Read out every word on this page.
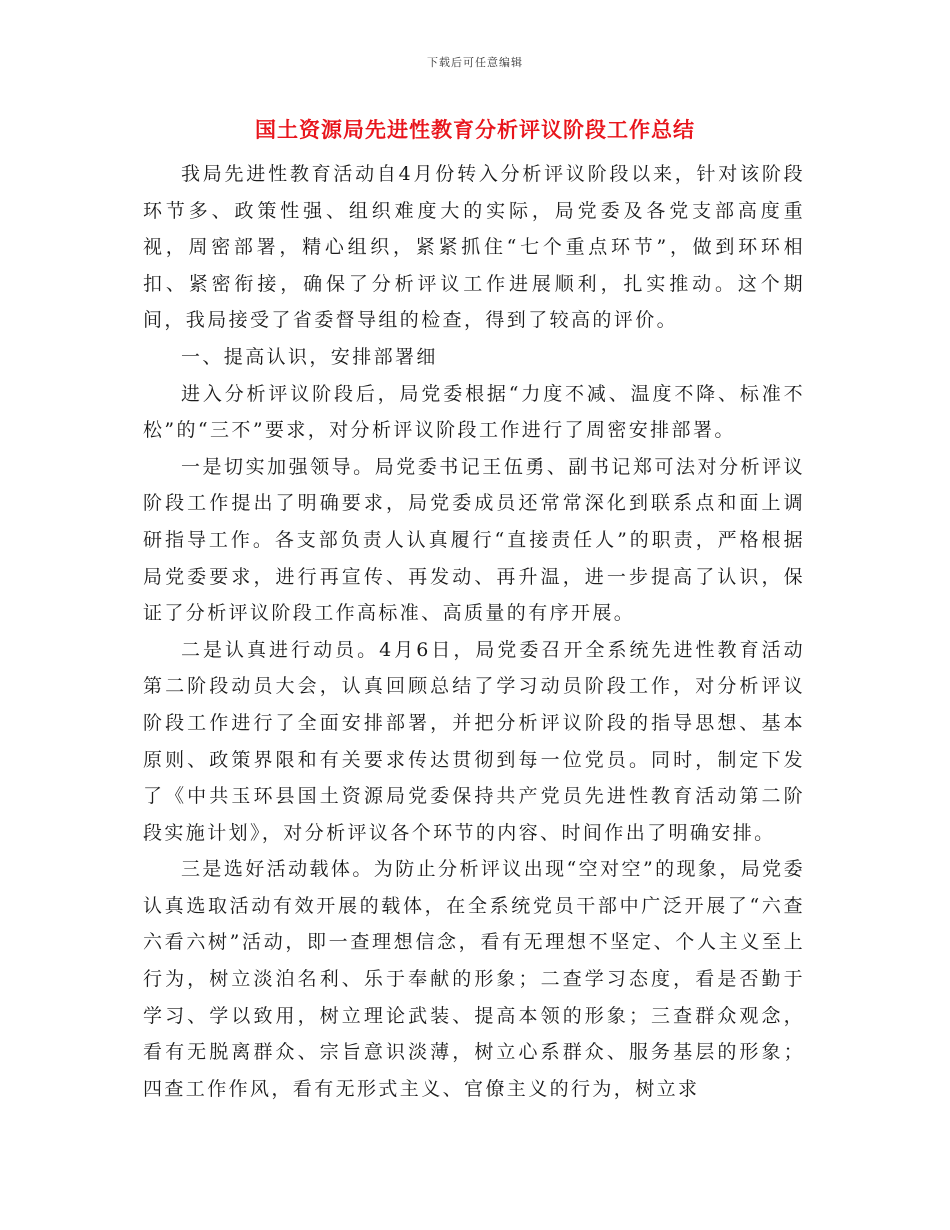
下载后可任意编辑
国土资源局先进性教育分析评议阶段工作总结

我局先进性教育活动自4月份转入分析评议阶段以来，针对该阶段环节多、政策性强、组织难度大的实际，局党委及各党支部高度重视，周密部署，精心组织，紧紧抓住“七个重点环节”，做到环环相扣、紧密衔接，确保了分析评议工作进展顺利，扎实推动。这个期间，我局接受了省委督导组的检查，得到了较高的评价。

一、提高认识，安排部署细

进入分析评议阶段后，局党委根据“力度不减、温度不降、标准不松”的“三不”要求，对分析评议阶段工作进行了周密安排部署。

一是切实加强领导。局党委书记王伍勇、副书记郑可法对分析评议阶段工作提出了明确要求，局党委成员还常常深化到联系点和面上调研指导工作。各支部负责人认真履行“直接责任人”的职责，严格根据局党委要求，进行再宣传、再发动、再升温，进一步提高了认识，保证了分析评议阶段工作高标准、高质量的有序开展。

二是认真进行动员。4月6日，局党委召开全系统先进性教育活动第二阶段动员大会，认真回顾总结了学习动员阶段工作，对分析评议阶段工作进行了全面安排部署，并把分析评议阶段的指导思想、基本原则、政策界限和有关要求传达贯彻到每一位党员。同时，制定下发了《中共玉环县国土资源局党委保持共产党员先进性教育活动第二阶段实施计划》，对分析评议各个环节的内容、时间作出了明确安排。

三是选好活动载体。为防止分析评议出现“空对空”的现象，局党委认真选取活动有效开展的载体，在全系统党员干部中广泛开展了“六查六看六树”活动，即一查理想信念，看有无理想不坚定、个人主义至上行为，树立淡泊名利、乐于奉献的形象；二查学习态度，看是否勤于学习、学以致用，树立理论武装、提高本领的形象；三查群众观念，看有无脱离群众、宗旨意识淡薄，树立心系群众、服务基层的形象；四查工作作风，看有无形式主义、官僚主义的行为，树立求
